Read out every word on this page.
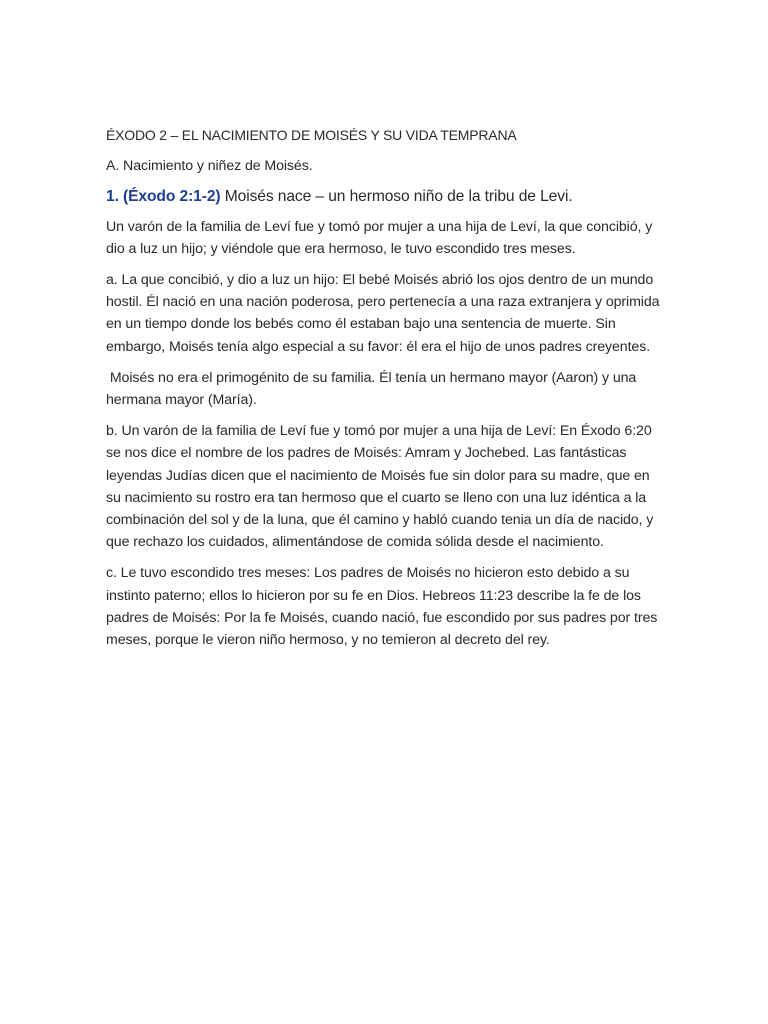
ÉXODO 2 – EL NACIMIENTO DE MOISÉS Y SU VIDA TEMPRANA

A. Nacimiento y niñez de Moisés.

1. (Éxodo 2:1-2) Moisés nace – un hermoso niño de la tribu de Levi.

Un varón de la familia de Leví fue y tomó por mujer a una hija de Leví, la que concibió, y dio a luz un hijo; y viéndole que era hermoso, le tuvo escondido tres meses.

a. La que concibió, y dio a luz un hijo: El bebé Moisés abrió los ojos dentro de un mundo hostil. Él nació en una nación poderosa, pero pertenecía a una raza extranjera y oprimida en un tiempo donde los bebés como él estaban bajo una sentencia de muerte. Sin embargo, Moisés tenía algo especial a su favor: él era el hijo de unos padres creyentes.

Moisés no era el primogénito de su familia. Él tenía un hermano mayor (Aaron) y una hermana mayor (María).

b. Un varón de la familia de Leví fue y tomó por mujer a una hija de Leví: En Éxodo 6:20 se nos dice el nombre de los padres de Moisés: Amram y Jochebed. Las fantásticas leyendas Judías dicen que el nacimiento de Moisés fue sin dolor para su madre, que en su nacimiento su rostro era tan hermoso que el cuarto se lleno con una luz idéntica a la combinación del sol y de la luna, que él camino y habló cuando tenia un día de nacido, y que rechazo los cuidados, alimentándose de comida sólida desde el nacimiento.

c. Le tuvo escondido tres meses: Los padres de Moisés no hicieron esto debido a su instinto paterno; ellos lo hicieron por su fe en Dios. Hebreos 11:23 describe la fe de los padres de Moisés: Por la fe Moisés, cuando nació, fue escondido por sus padres por tres meses, porque le vieron niño hermoso, y no temieron al decreto del rey.
